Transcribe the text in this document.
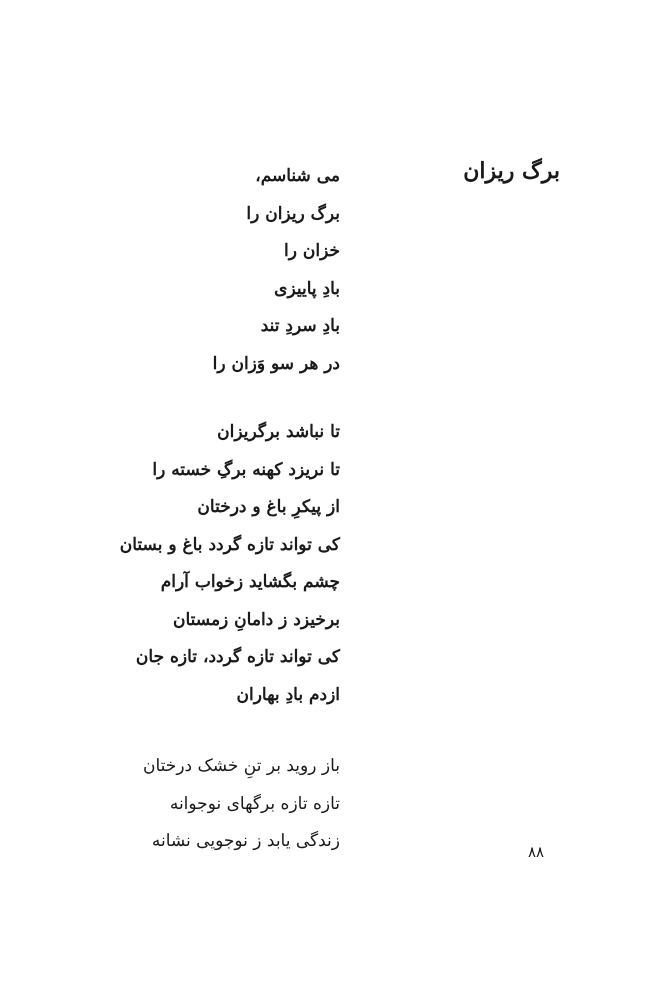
برگ ریزان
می شناسم،
برگ ریزان را
خزان را
بادِ پاییزی
بادِ سردِ تند
در هر سو وَزان را
تا نباشد برگریزان
تا نریزد کهنه برگِ خسته را
از پیکرِ باغ و درختان
کی تواند تازه گردد باغ و بستان
چشم بگشاید زخواب آرام
برخیزد ز دامانِ زمستان
کی تواند تازه گردد، تازه جان
ازدم بادِ بهاران
باز روید بر تنِ خشک درختان
تازه تازه برگهای نوجوانه
زندگی یابد ز نوجویی نشانه
۸۸
